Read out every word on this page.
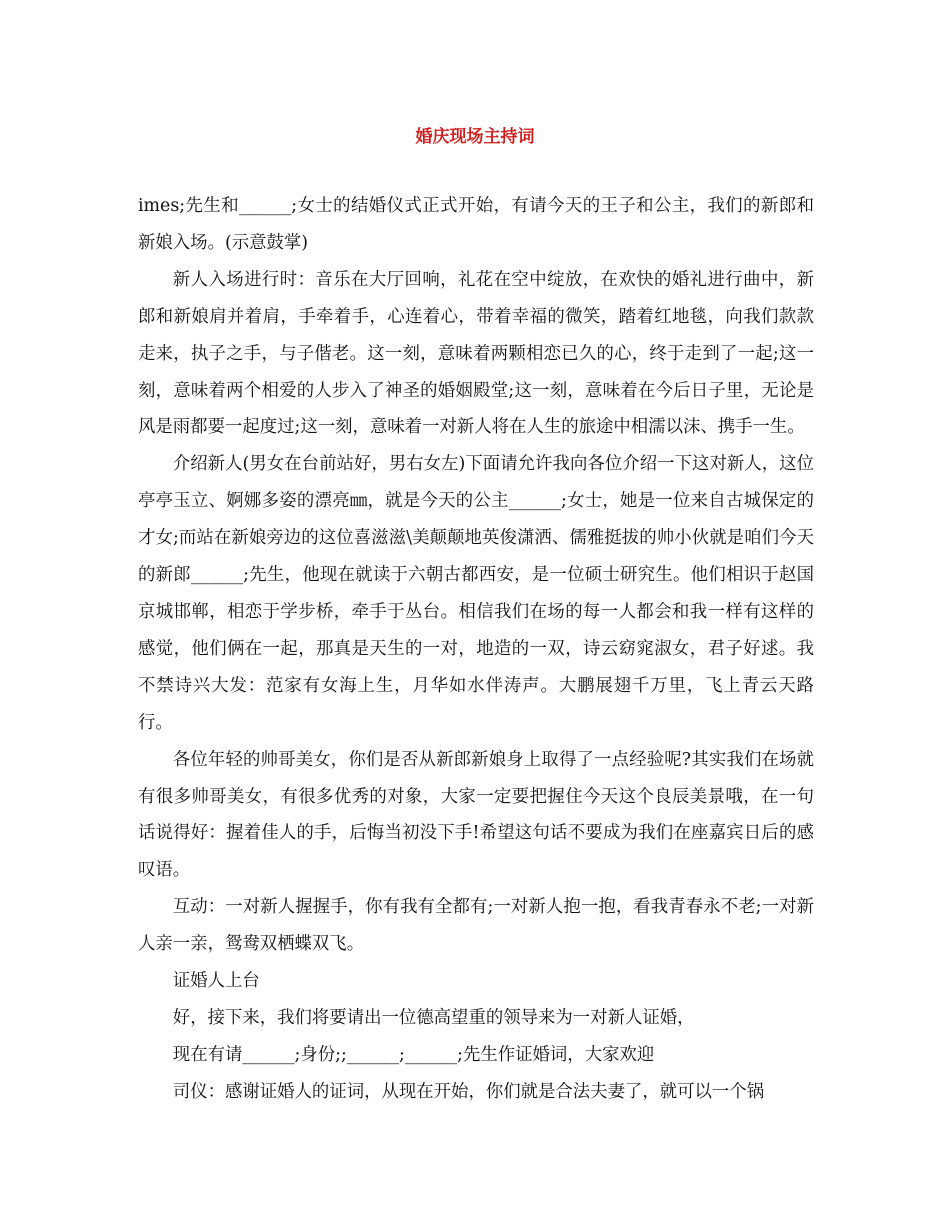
婚庆现场主持词

imes;先生和______;女士的结婚仪式正式开始，有请今天的王子和公主，我们的新郎和新娘入场。(示意鼓掌)

新人入场进行时：音乐在大厅回响，礼花在空中绽放，在欢快的婚礼进行曲中，新郎和新娘肩并着肩，手牵着手，心连着心，带着幸福的微笑，踏着红地毯，向我们款款走来，执子之手，与子偕老。这一刻，意味着两颗相恋已久的心，终于走到了一起;这一刻，意味着两个相爱的人步入了神圣的婚姻殿堂;这一刻，意味着在今后日子里，无论是风是雨都要一起度过;这一刻，意味着一对新人将在人生的旅途中相濡以沫、携手一生。

介绍新人(男女在台前站好，男右女左)下面请允许我向各位介绍一下这对新人，这位亭亭玉立、婀娜多姿的漂亮㎜，就是今天的公主______;女士，她是一位来自古城保定的才女;而站在新娘旁边的这位喜滋滋\美颠颠地英俊潇洒、儒雅挺拔的帅小伙就是咱们今天的新郎______;先生，他现在就读于六朝古都西安，是一位硕士研究生。他们相识于赵国京城邯郸，相恋于学步桥，牵手于丛台。相信我们在场的每一人都会和我一样有这样的感觉，他们俩在一起，那真是天生的一对，地造的一双，诗云窈窕淑女，君子好逑。我不禁诗兴大发：范家有女海上生，月华如水伴涛声。大鹏展翅千万里，飞上青云天路行。

各位年轻的帅哥美女，你们是否从新郎新娘身上取得了一点经验呢?其实我们在场就有很多帅哥美女，有很多优秀的对象，大家一定要把握住今天这个良辰美景哦，在一句话说得好：握着佳人的手，后悔当初没下手!希望这句话不要成为我们在座嘉宾日后的感叹语。

互动：一对新人握握手，你有我有全都有;一对新人抱一抱，看我青春永不老;一对新人亲一亲，鸳鸯双栖蝶双飞。

证婚人上台

好，接下来，我们将要请出一位德高望重的领导来为一对新人证婚，

现在有请______;身份;;______;______;先生作证婚词，大家欢迎

司仪：感谢证婚人的证词，从现在开始，你们就是合法夫妻了，就可以一个锅
